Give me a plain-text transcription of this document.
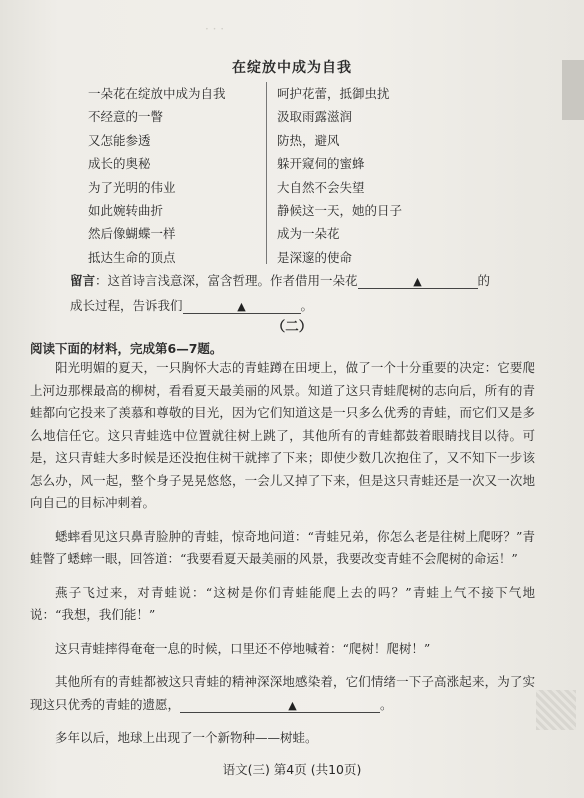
· · ·
在绽放中成为自我
一朵花在绽放中成为自我
不经意的一瞥
又怎能参透
成长的奥秘
为了光明的伟业
如此婉转曲折
然后像蝴蝶一样
抵达生命的顶点
呵护花蕾，抵御虫扰
汲取雨露滋润
防热，避风
躲开窥伺的蜜蜂
大自然不会失望
静候这一天，她的日子
成为一朵花
是深邃的使命
留言：这首诗言浅意深，富含哲理。作者借用一朵花	▲	的
成长过程，告诉我们	▲	。
（二）
阅读下面的材料，完成第6—7题。

阳光明媚的夏天，一只胸怀大志的青蛙蹲在田埂上，做了一个十分重要的决定：它要爬上河边那棵最高的柳树，看看夏天最美丽的风景。知道了这只青蛙爬树的志向后，所有的青蛙都向它投来了羡慕和尊敬的目光，因为它们知道这是一只多么优秀的青蛙，而它们又是多么地信任它。这只青蛙选中位置就往树上跳了，其他所有的青蛙都鼓着眼睛找目以待。可是，这只青蛙大多时候是还没抱住树干就摔了下来；即使少数几次抱住了，又不知下一步该怎么办，风一起，整个身子晃晃悠悠，一会儿又掉了下来，但是这只青蛙还是一次又一次地向自己的目标冲刺着。

蟋蟀看见这只鼻青脸肿的青蛙，惊奇地问道：“青蛙兄弟，你怎么老是往树上爬呀？”青蛙瞥了蟋蟀一眼，回答道：“我要看夏天最美丽的风景，我要改变青蛙不会爬树的命运！”

燕子飞过来，对青蛙说：“这树是你们青蛙能爬上去的吗？”青蛙上气不接下气地说：“我想，我们能！”

这只青蛙摔得奄奄一息的时候，口里还不停地喊着：“爬树！爬树！”

其他所有的青蛙都被这只青蛙的精神深深地感染着，它们情绪一下子高涨起来，为了实现这只优秀的青蛙的遗愿，	▲	。

多年以后，地球上出现了一个新物种——树蛙。

语文(三) 第4页 (共10页)
